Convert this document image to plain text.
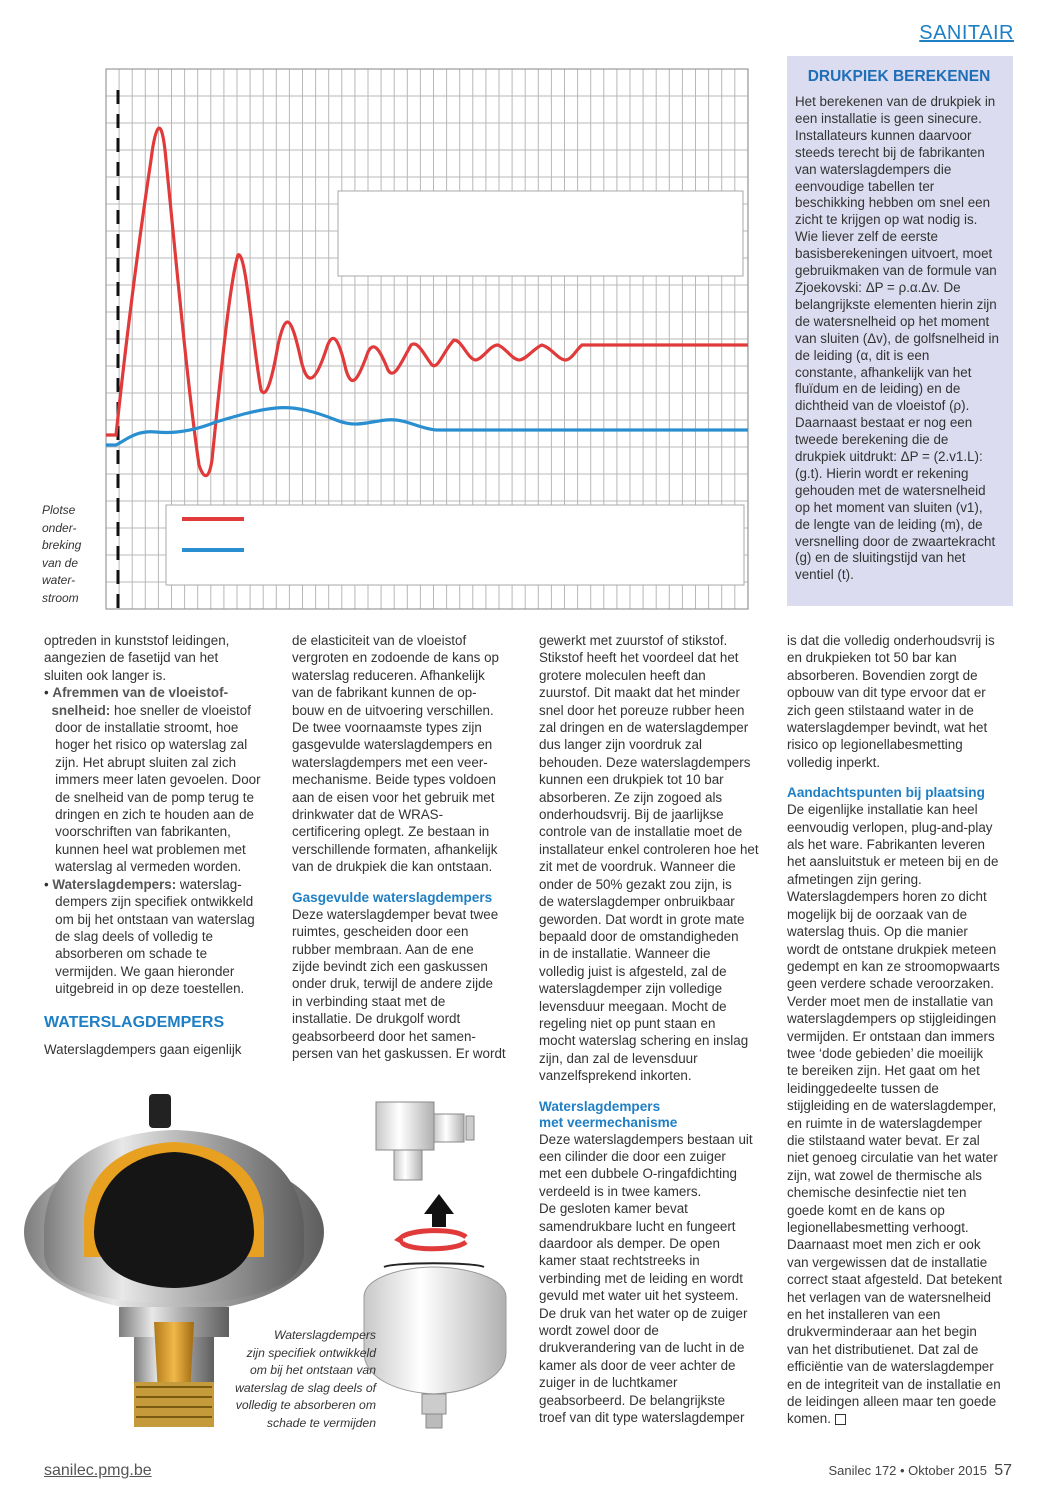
SANITAIR
Plotse
onder-
breking
van de
water-
stroom
DRUKPIEK BEREKENEN

Het berekenen van de drukpiek in
een installatie is geen sinecure.
Installateurs kunnen daarvoor
steeds terecht bij de fabrikanten
van waterslagdempers die
eenvoudige tabellen ter
beschikking hebben om snel een
zicht te krijgen op wat nodig is.
Wie liever zelf de eerste
basisberekeningen uitvoert, moet
gebruikmaken van de formule van
Zjoekovski: ΔP = ρ.α.Δv. De
belangrijkste elementen hierin zijn
de watersnelheid op het moment
van sluiten (Δv), de golfsnelheid in
de leiding (α, dit is een
constante, afhankelijk van het
fluïdum en de leiding) en de
dichtheid van de vloeistof (ρ).
Daarnaast bestaat er nog een
tweede berekening die de
drukpiek uitdrukt: ΔP = (2.v1.L):
(g.t). Hierin wordt er rekening
gehouden met de watersnelheid
op het moment van sluiten (v1),
de lengte van de leiding (m), de
versnelling door de zwaartekracht
(g) en de sluitingstijd van het
ventiel (t).

optreden in kunststof leidingen,
aangezien de fasetijd van het
sluiten ook langer is.

• Afremmen van de vloeistof-
snelheid: hoe sneller de vloeistof
door de installatie stroomt, hoe
hoger het risico op waterslag zal
zijn. Het abrupt sluiten zal zich
immers meer laten gevoelen. Door
de snelheid van de pomp terug te
dringen en zich te houden aan de
voorschriften van fabrikanten,
kunnen heel wat problemen met
waterslag al vermeden worden.

• Waterslagdempers: waterslag-
dempers zijn specifiek ontwikkeld
om bij het ontstaan van waterslag
de slag deels of volledig te
absorberen om schade te
vermijden. We gaan hieronder
uitgebreid in op deze toestellen.

WATERSLAGDEMPERS

Waterslagdempers gaan eigenlijk

de elasticiteit van de vloeistof
vergroten en zodoende de kans op
waterslag reduceren. Afhankelijk
van de fabrikant kunnen de op-
bouw en de uitvoering verschillen.
De twee voornaamste types zijn
gasgevulde waterslagdempers en
waterslagdempers met een veer-
mechanisme. Beide types voldoen
aan de eisen voor het gebruik met
drinkwater dat de WRAS-
certificering oplegt. Ze bestaan in
verschillende formaten, afhankelijk
van de drukpiek die kan ontstaan.

Gasgevulde waterslagdempers

Deze waterslagdemper bevat twee
ruimtes, gescheiden door een
rubber membraan. Aan de ene
zijde bevindt zich een gaskussen
onder druk, terwijl de andere zijde
in verbinding staat met de
installatie. De drukgolf wordt
geabsorbeerd door het samen-
persen van het gaskussen. Er wordt

gewerkt met zuurstof of stikstof.
Stikstof heeft het voordeel dat het
grotere moleculen heeft dan
zuurstof. Dit maakt dat het minder
snel door het poreuze rubber heen
zal dringen en de waterslagdemper
dus langer zijn voordruk zal
behouden. Deze waterslagdempers
kunnen een drukpiek tot 10 bar
absorberen. Ze zijn zogoed als
onderhoudsvrij. Bij de jaarlijkse
controle van de installatie moet de
installateur enkel controleren hoe het
zit met de voordruk. Wanneer die
onder de 50% gezakt zou zijn, is
de waterslagdemper onbruikbaar
geworden. Dat wordt in grote mate
bepaald door de omstandigheden
in de installatie. Wanneer die
volledig juist is afgesteld, zal de
waterslagdemper zijn volledige
levensduur meegaan. Mocht de
regeling niet op punt staan en
mocht waterslag schering en inslag
zijn, dan zal de levensduur
vanzelfsprekend inkorten.

Waterslagdempers
met veermechanisme

Deze waterslagdempers bestaan uit
een cilinder die door een zuiger
met een dubbele O-ringafdichting
verdeeld is in twee kamers.
De gesloten kamer bevat
samendrukbare lucht en fungeert
daardoor als demper. De open
kamer staat rechtstreeks in
verbinding met de leiding en wordt
gevuld met water uit het systeem.
De druk van het water op de zuiger
wordt zowel door de
drukverandering van de lucht in de
kamer als door de veer achter de
zuiger in de luchtkamer
geabsorbeerd. De belangrijkste
troef van dit type waterslagdemper

is dat die volledig onderhoudsvrij is
en drukpieken tot 50 bar kan
absorberen. Bovendien zorgt de
opbouw van dit type ervoor dat er
zich geen stilstaand water in de
waterslagdemper bevindt, wat het
risico op legionellabesmetting
volledig inperkt.

Aandachtspunten bij plaatsing

De eigenlijke installatie kan heel
eenvoudig verlopen, plug-and-play
als het ware. Fabrikanten leveren
het aansluitstuk er meteen bij en de
afmetingen zijn gering.
Waterslagdempers horen zo dicht
mogelijk bij de oorzaak van de
waterslag thuis. Op die manier
wordt de ontstane drukpiek meteen
gedempt en kan ze stroomopwaarts
geen verdere schade veroorzaken.
Verder moet men de installatie van
waterslagdempers op stijgleidingen
vermijden. Er ontstaan dan immers
twee ‘dode gebieden’ die moeilijk
te bereiken zijn. Het gaat om het
leidinggedeelte tussen de
stijgleiding en de waterslagdemper,
en ruimte in de waterslagdemper
die stilstaand water bevat. Er zal
niet genoeg circulatie van het water
zijn, wat zowel de thermische als
chemische desinfectie niet ten
goede komt en de kans op
legionellabesmetting verhoogt.
Daarnaast moet men zich er ook
van vergewissen dat de installatie
correct staat afgesteld. Dat betekent
het verlagen van de watersnelheid
en het installeren van een
drukverminderaar aan het begin
van het distributienet. Dat zal de
efficiëntie van de waterslagdemper
en de integriteit van de installatie en
de leidingen alleen maar ten goede
komen.

Waterslagdempers
zijn specifiek ontwikkeld
om bij het ontstaan van
waterslag de slag deels of
volledig te absorberen om
schade te vermijden
sanilec.pmg.be	Sanilec 172 • Oktober 2015 57
